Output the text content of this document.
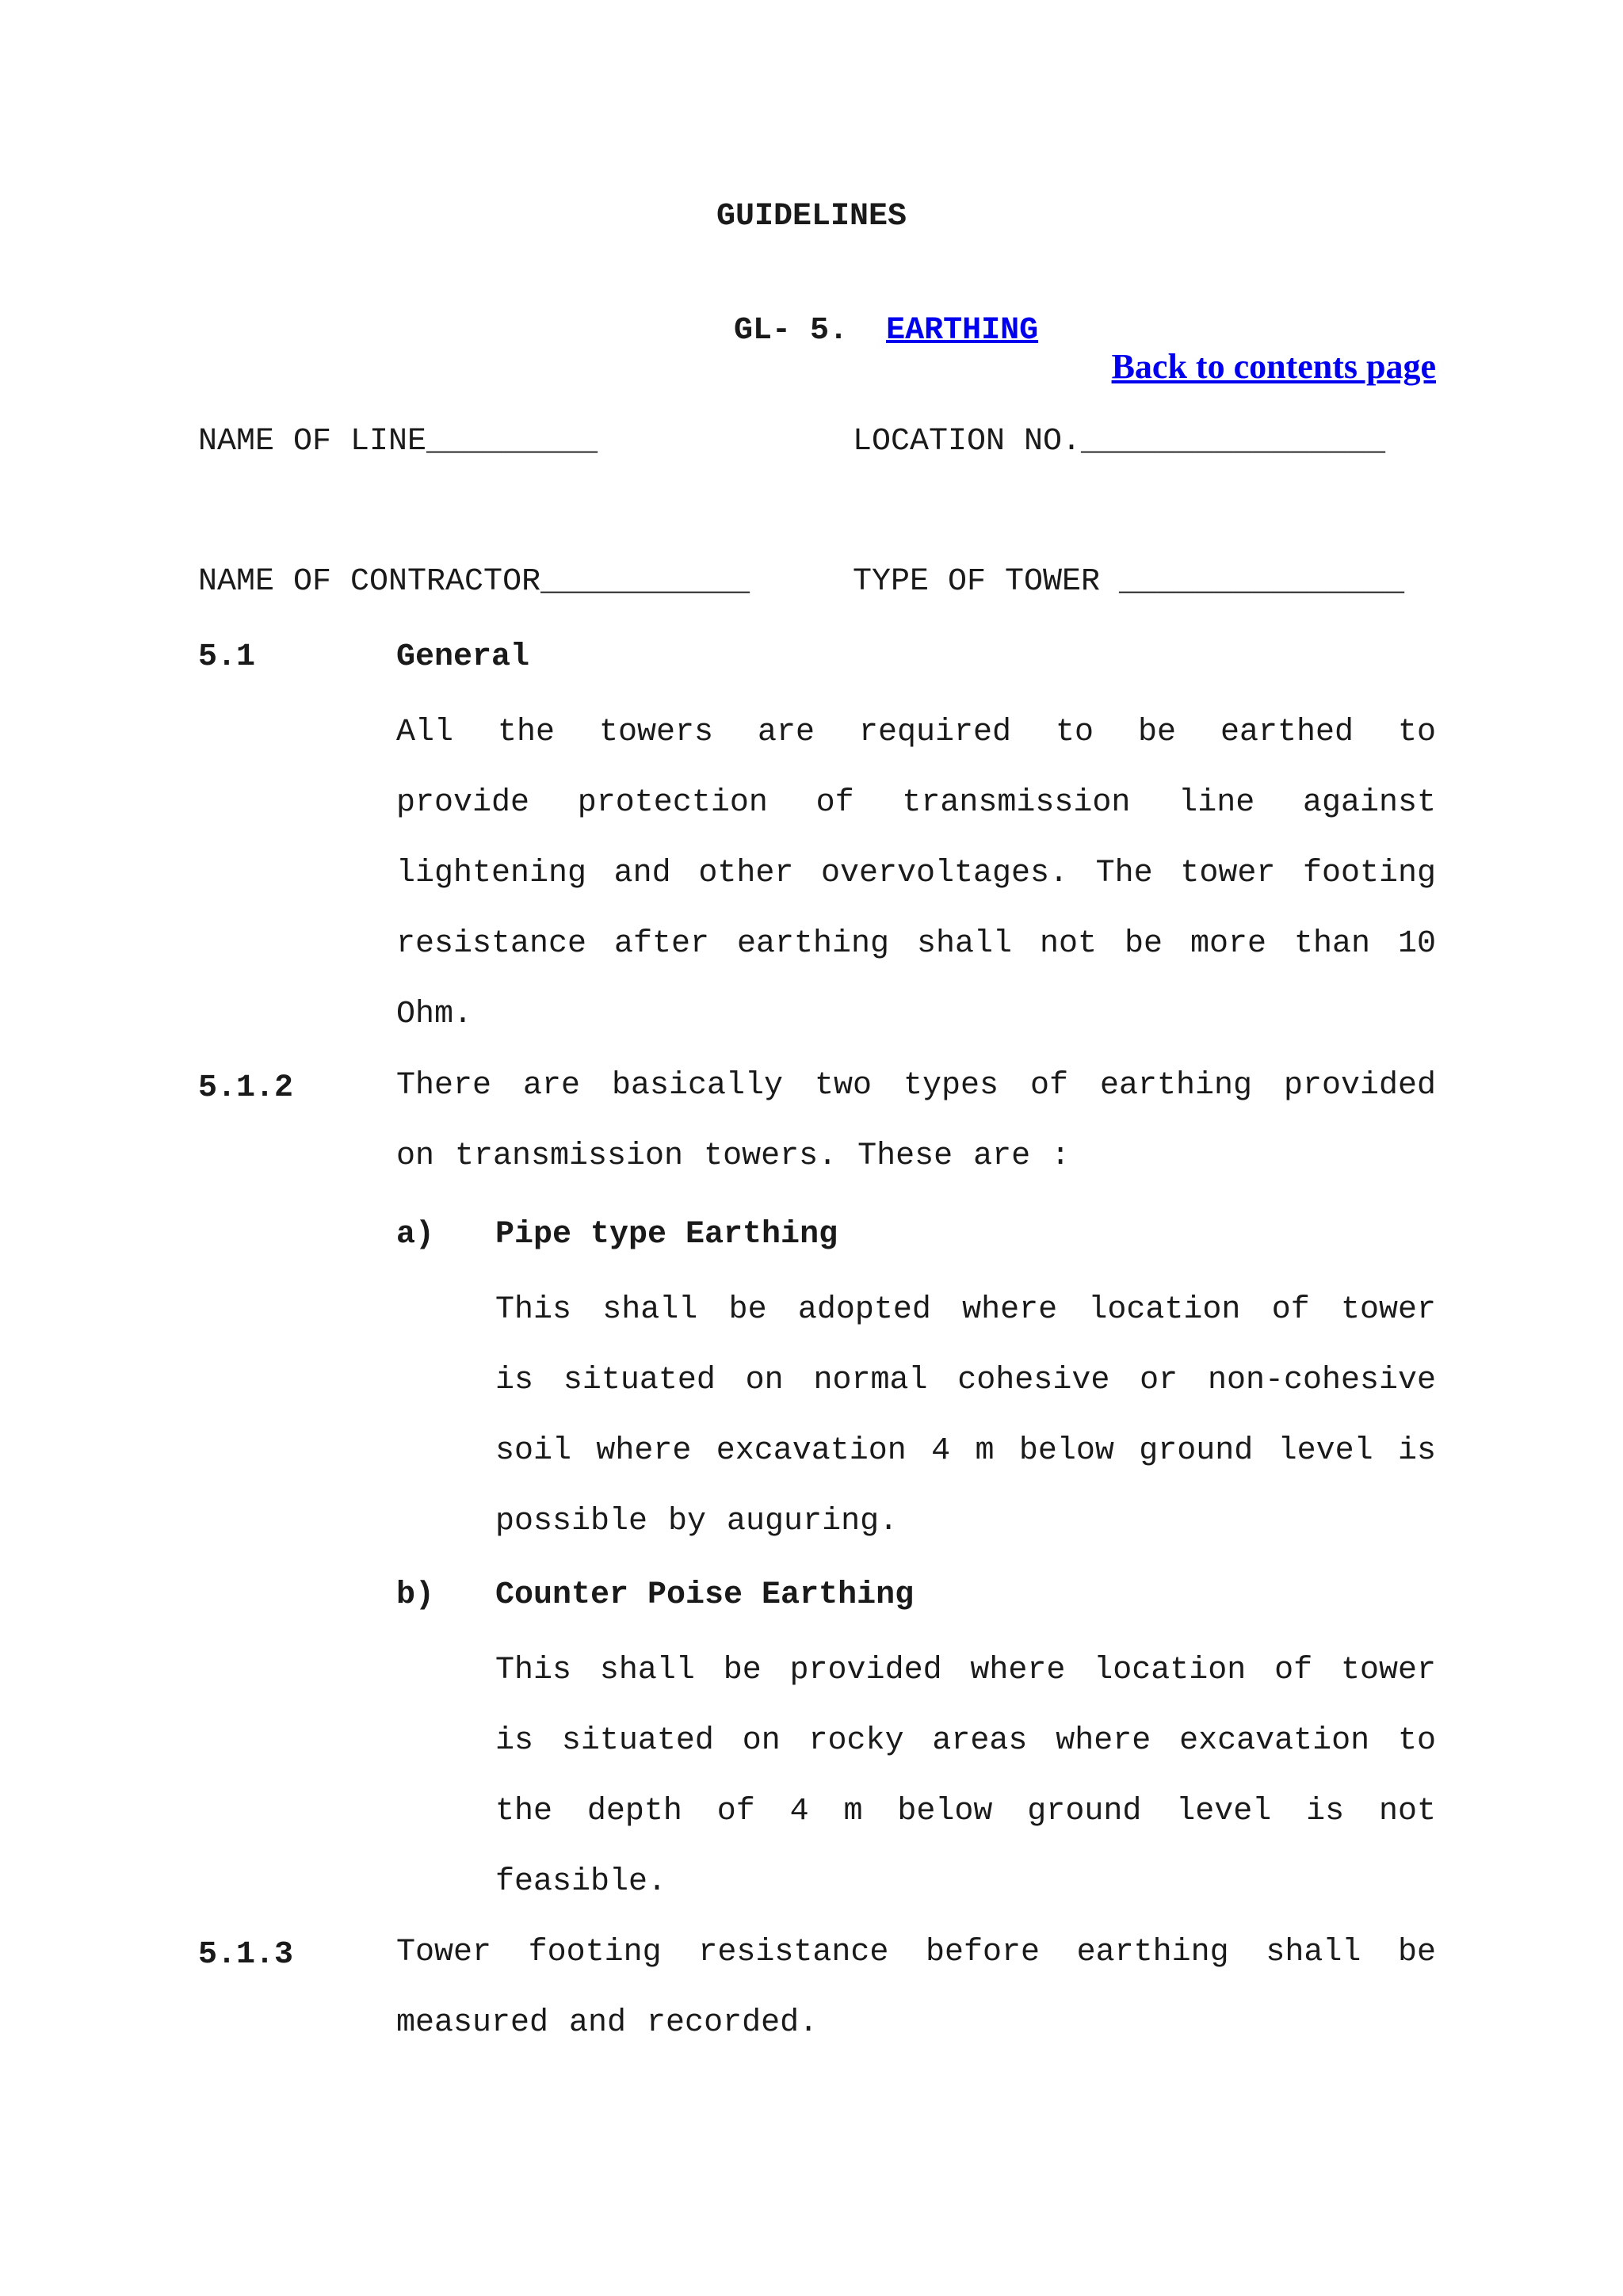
GUIDELINES

GL- 5. EARTHING

Back to contents page
NAME OF LINE_________	LOCATION NO.________________
NAME OF CONTRACTOR___________	TYPE OF TOWER _______________
5.1	General
All the towers are required to be earthed to
provide protection of transmission line against
lightening and other overvoltages. The tower footing
resistance after earthing shall not be more than 10
Ohm.
5.1.2	There are basically two types of earthing provided
on transmission towers. These are :
a) Pipe type Earthing
This shall be adopted where location of tower
is situated on normal cohesive or non-cohesive
soil where excavation 4 m below ground level is
possible by auguring.
b) Counter Poise Earthing
This shall be provided where location of tower
is situated on rocky areas where excavation to
the depth of 4 m below ground level is not
feasible.
5.1.3	Tower footing resistance before earthing shall be
measured and recorded.
